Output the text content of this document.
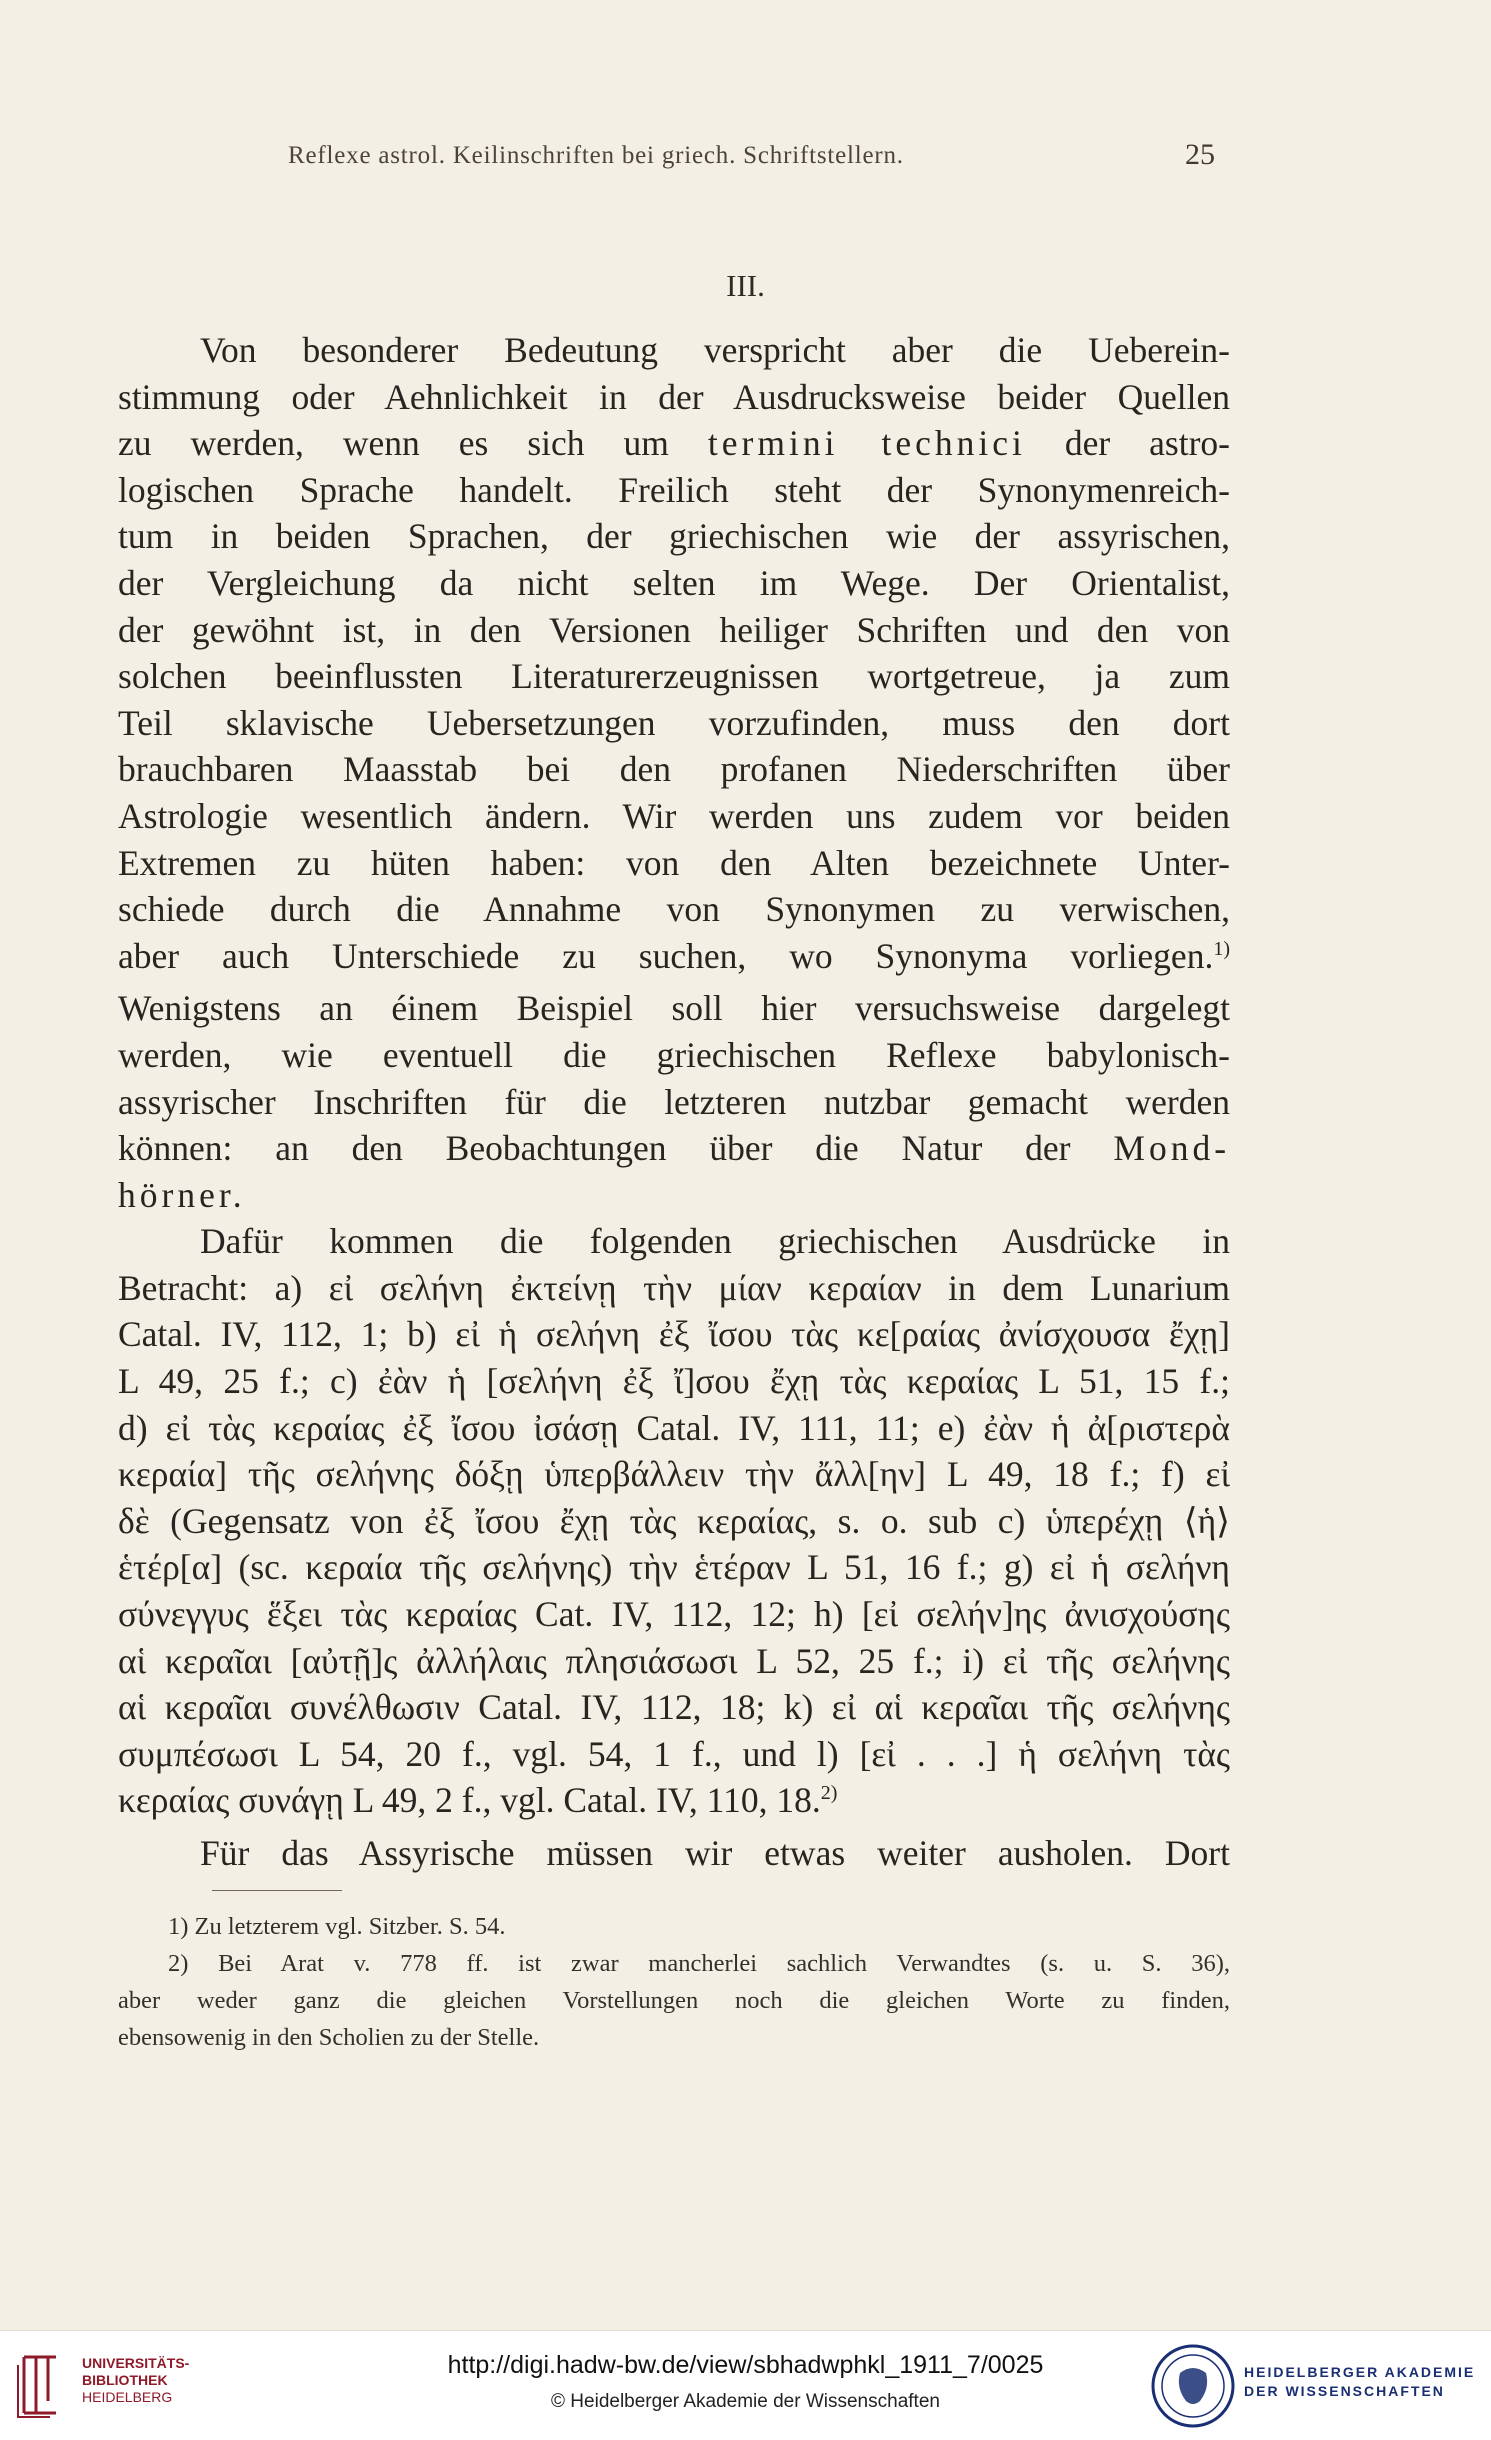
Reflexe astrol. Keilinschriften bei griech. Schriftstellern.	25
III.
Von besonderer Bedeutung verspricht aber die Ueberein-
stimmung oder Aehnlichkeit in der Ausdrucksweise beider Quellen
zu werden, wenn es sich um termini technici der astro-
logischen Sprache handelt. Freilich steht der Synonymenreich-
tum in beiden Sprachen, der griechischen wie der assyrischen,
der Vergleichung da nicht selten im Wege. Der Orientalist,
der gewöhnt ist, in den Versionen heiliger Schriften und den von
solchen beeinflussten Literaturerzeugnissen wortgetreue, ja zum
Teil sklavische Uebersetzungen vorzufinden, muss den dort
brauchbaren Maasstab bei den profanen Niederschriften über
Astrologie wesentlich ändern. Wir werden uns zudem vor beiden
Extremen zu hüten haben: von den Alten bezeichnete Unter-
schiede durch die Annahme von Synonymen zu verwischen,
aber auch Unterschiede zu suchen, wo Synonyma vorliegen.$^{1)}$
Wenigstens an éinem Beispiel soll hier versuchsweise dargelegt
werden, wie eventuell die griechischen Reflexe babylonisch-
assyrischer Inschriften für die letzteren nutzbar gemacht werden
können: an den Beobachtungen über die Natur der Mond-
hörner.
Dafür kommen die folgenden griechischen Ausdrücke in
Betracht: a) εἰ σελήνη ἐκτείνῃ τὴν μίαν κεραίαν in dem Lunarium
Catal. IV, 112, 1; b) εἰ ἡ σελήνη ἐξ ἴσου τὰς κε[ραίας ἀνίσχουσα ἔχῃ]
L 49, 25 f.; c) ἐὰν ἡ [σελήνη ἐξ ἴ]σου ἔχῃ τὰς κεραίας L 51, 15 f.;
d) εἰ τὰς κεραίας ἐξ ἴσου ἰσάσῃ Catal. IV, 111, 11; e) ἐὰν ἡ ἀ[ριστερὰ
κεραία] τῆς σελήνης δόξῃ ὑπερβάλλειν τὴν ἄλλ[ην] L 49, 18 f.; f) εἰ
δὲ (Gegensatz von ἐξ ἴσου ἔχῃ τὰς κεραίας, s. o. sub c) ὑπερέχῃ ⟨ἡ⟩
ἑτέρ[α] (sc. κεραία τῆς σελήνης) τὴν ἑτέραν L 51, 16 f.; g) εἰ ἡ σελήνη
σύνεγγυς ἕξει τὰς κεραίας Cat. IV, 112, 12; h) [εἰ σελήν]ης ἀνισχούσης
αἱ κεραῖαι [αὐτῇ]ς ἀλλήλαις πλησιάσωσι L 52, 25 f.; i) εἰ τῆς σελήνης
αἱ κεραῖαι συνέλθωσιν Catal. IV, 112, 18; k) εἰ αἱ κεραῖαι τῆς σελήνης
συμπέσωσι L 54, 20 f., vgl. 54, 1 f., und l) [εἰ . . .] ἡ σελήνη τὰς
κεραίας συνάγῃ L 49, 2 f., vgl. Catal. IV, 110, 18.$^{2)}$
Für das Assyrische müssen wir etwas weiter ausholen. Dort
1) Zu letzterem vgl. Sitzber. S. 54.
2) Bei Arat v. 778 ff. ist zwar mancherlei sachlich Verwandtes (s. u. S. 36),
aber weder ganz die gleichen Vorstellungen noch die gleichen Worte zu finden,
ebensowenig in den Scholien zu der Stelle.
UNIVERSITÄTS-
BIBLIOTHEK
HEIDELBERG
http://digi.hadw-bw.de/view/sbhadwphkl_1911_7/0025
© Heidelberger Akademie der Wissenschaften
HEIDELBERGER AKADEMIE
DER WISSENSCHAFTEN
